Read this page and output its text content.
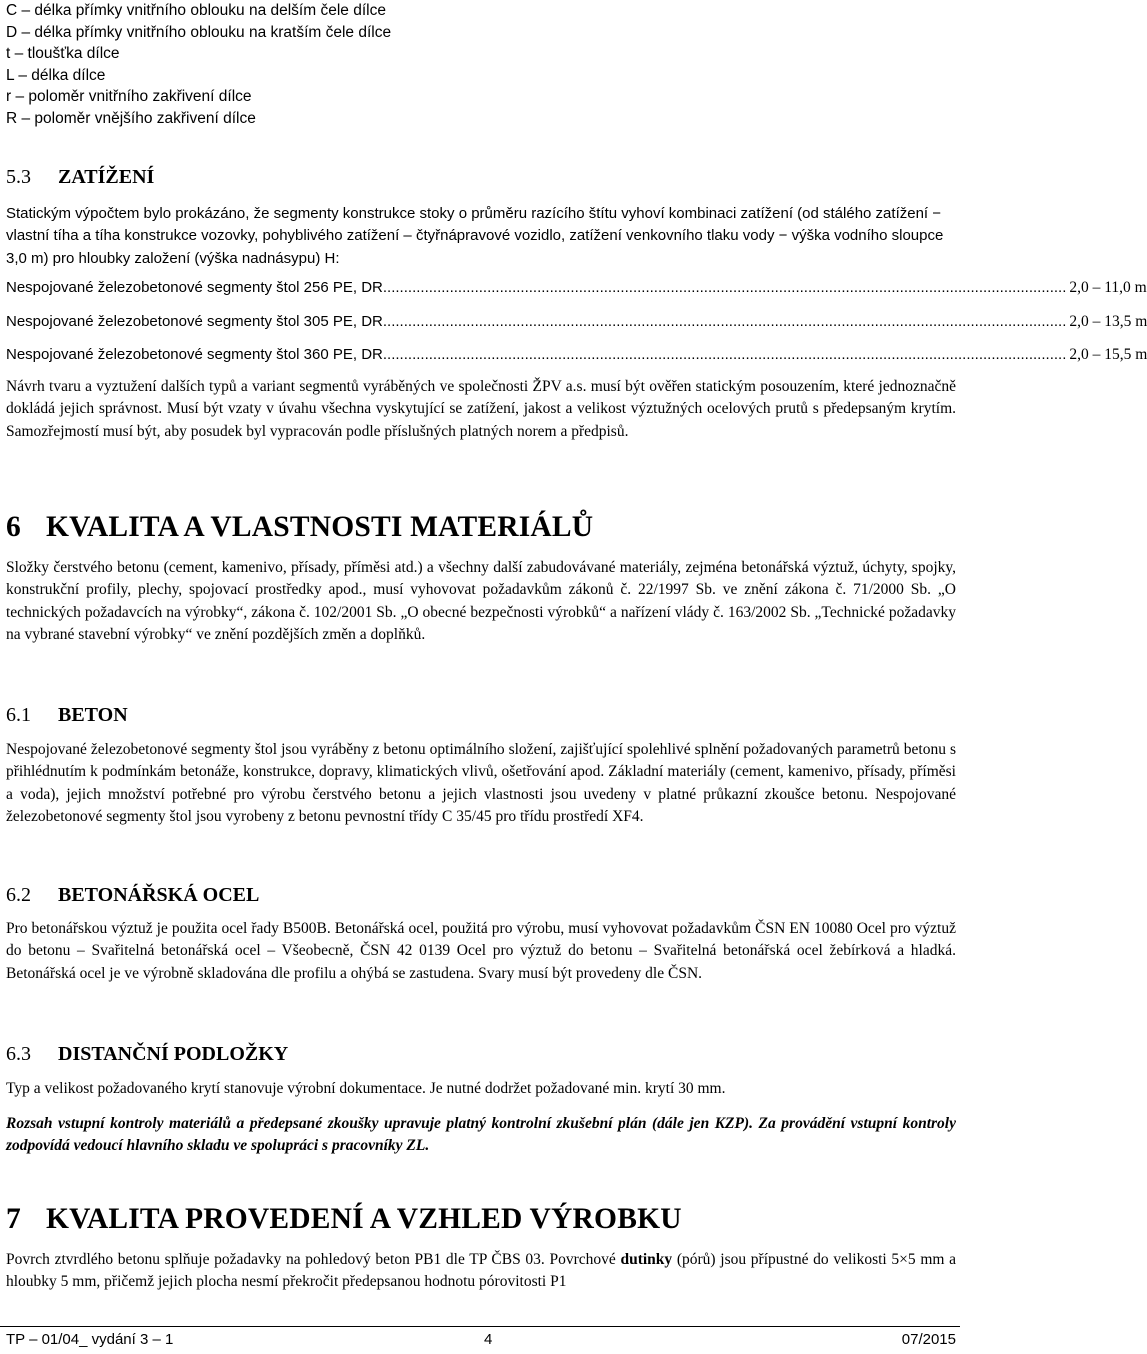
C – délka přímky vnitřního oblouku na delším čele dílce
D – délka přímky vnitřního oblouku na kratším čele dílce
t – tloušťka dílce
L – délka dílce
r – poloměr vnitřního zakřivení dílce
R – poloměr vnějšího zakřivení dílce
5.3 ZATÍŽENÍ

Statickým výpočtem bylo prokázáno, že segmenty konstrukce stoky o průměru razícího štítu vyhoví kombinaci zatížení (od stálého zatížení − vlastní tíha a tíha konstrukce vozovky, pohyblivého zatížení – čtyřnápravové vozidlo, zatížení venkovního tlaku vody − výška vodního sloupce 3,0 m) pro hloubky založení (výška nadnásypu) H:

Nespojované železobetonové segmenty štol 256 PE, DR .................................................................................................................................................................... 2,0 – 11,0 m
Nespojované železobetonové segmenty štol 305 PE, DR .................................................................................................................................................................... 2,0 – 13,5 m
Nespojované železobetonové segmenty štol 360 PE, DR .................................................................................................................................................................... 2,0 – 15,5 m

Návrh tvaru a vyztužení dalších typů a variant segmentů vyráběných ve společnosti ŽPV a.s. musí být ověřen statickým posouzením, které jednoznačně dokládá jejich správnost. Musí být vzaty v úvahu všechna vyskytující se zatížení, jakost a velikost výztužných ocelových prutů s předepsaným krytím. Samozřejmostí musí být, aby posudek byl vypracován podle příslušných platných norem a předpisů.

6 KVALITA A VLASTNOSTI MATERIÁLŮ

Složky čerstvého betonu (cement, kamenivo, přísady, příměsi atd.) a všechny další zabudovávané materiály, zejména betonářská výztuž, úchyty, spojky, konstrukční profily, plechy, spojovací prostředky apod., musí vyhovovat požadavkům zákonů č. 22/1997 Sb. ve znění zákona č. 71/2000 Sb. „O technických požadavcích na výrobky“, zákona č. 102/2001 Sb. „O obecné bezpečnosti výrobků“ a nařízení vlády č. 163/2002 Sb. „Technické požadavky na vybrané stavební výrobky“ ve znění pozdějších změn a doplňků.

6.1 BETON

Nespojované železobetonové segmenty štol jsou vyráběny z betonu optimálního složení, zajišťující spolehlivé splnění požadovaných parametrů betonu s přihlédnutím k podmínkám betonáže, konstrukce, dopravy, klimatických vlivů, ošetřování apod. Základní materiály (cement, kamenivo, přísady, příměsi a voda), jejich množství potřebné pro výrobu čerstvého betonu a jejich vlastnosti jsou uvedeny v platné průkazní zkoušce betonu. Nespojované železobetonové segmenty štol jsou vyrobeny z betonu pevnostní třídy C 35/45 pro třídu prostředí XF4.

6.2 BETONÁŘSKÁ OCEL

Pro betonářskou výztuž je použita ocel řady B500B. Betonářská ocel, použitá pro výrobu, musí vyhovovat požadavkům ČSN EN 10080 Ocel pro výztuž do betonu – Svařitelná betonářská ocel – Všeobecně, ČSN 42 0139 Ocel pro výztuž do betonu – Svařitelná betonářská ocel žebírková a hladká. Betonářská ocel je ve výrobně skladována dle profilu a ohýbá se zastudena. Svary musí být provedeny dle ČSN.

6.3 DISTANČNÍ PODLOŽKY

Typ a velikost požadovaného krytí stanovuje výrobní dokumentace. Je nutné dodržet požadované min. krytí 30 mm.

Rozsah vstupní kontroly materiálů a předepsané zkoušky upravuje platný kontrolní zkušební plán (dále jen KZP). Za provádění vstupní kontroly zodpovídá vedoucí hlavního skladu ve spolupráci s pracovníky ZL.

7 KVALITA PROVEDENÍ A VZHLED VÝROBKU

Povrch ztvrdlého betonu splňuje požadavky na pohledový beton PB1 dle TP ČBS 03. Povrchové dutinky (pórů) jsou přípustné do velikosti 5×5 mm a hloubky 5 mm, přičemž jejich plocha nesmí překročit předepsanou hodnotu pórovitosti P1

TP – 01/04_ vydání 3 – 1	4	07/2015
